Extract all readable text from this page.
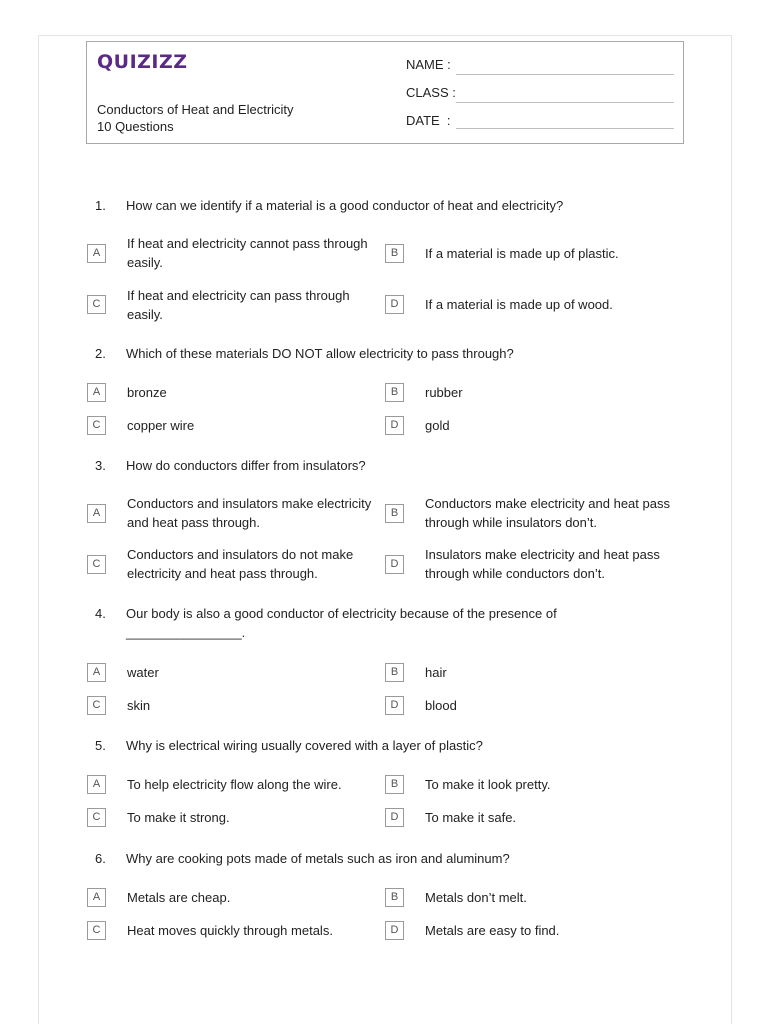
QUIZIZZ
Conductors of Heat and Electricity
10 Questions
NAME :
CLASS :
DATE  :
1.	How can we identify if a material is a good conductor of heat and electricity?
A
If heat and electricity cannot pass through easily.
B	If a material is made up of plastic.
C
If heat and electricity can pass through easily.
D	If a material is made up of wood.
2.	Which of these materials DO NOT allow electricity to pass through?
A	bronze	B	rubber
C	copper wire	D	gold
3.	How do conductors differ from insulators?
A
Conductors and insulators make electricity and heat pass through.
B
Conductors make electricity and heat pass through while insulators don’t.
C
Conductors and insulators do not make electricity and heat pass through.
D
Insulators make electricity and heat pass through while conductors don’t.
4.	Our body is also a good conductor of electricity because of the presence of ________________.
A	water	B	hair
C	skin	D	blood
5.	Why is electrical wiring usually covered with a layer of plastic?
A	To help electricity flow along the wire.	B	To make it look pretty.
C	To make it strong.	D	To make it safe.
6.	Why are cooking pots made of metals such as iron and aluminum?
A	Metals are cheap.	B	Metals don’t melt.
C	Heat moves quickly through metals.	D	Metals are easy to find.
